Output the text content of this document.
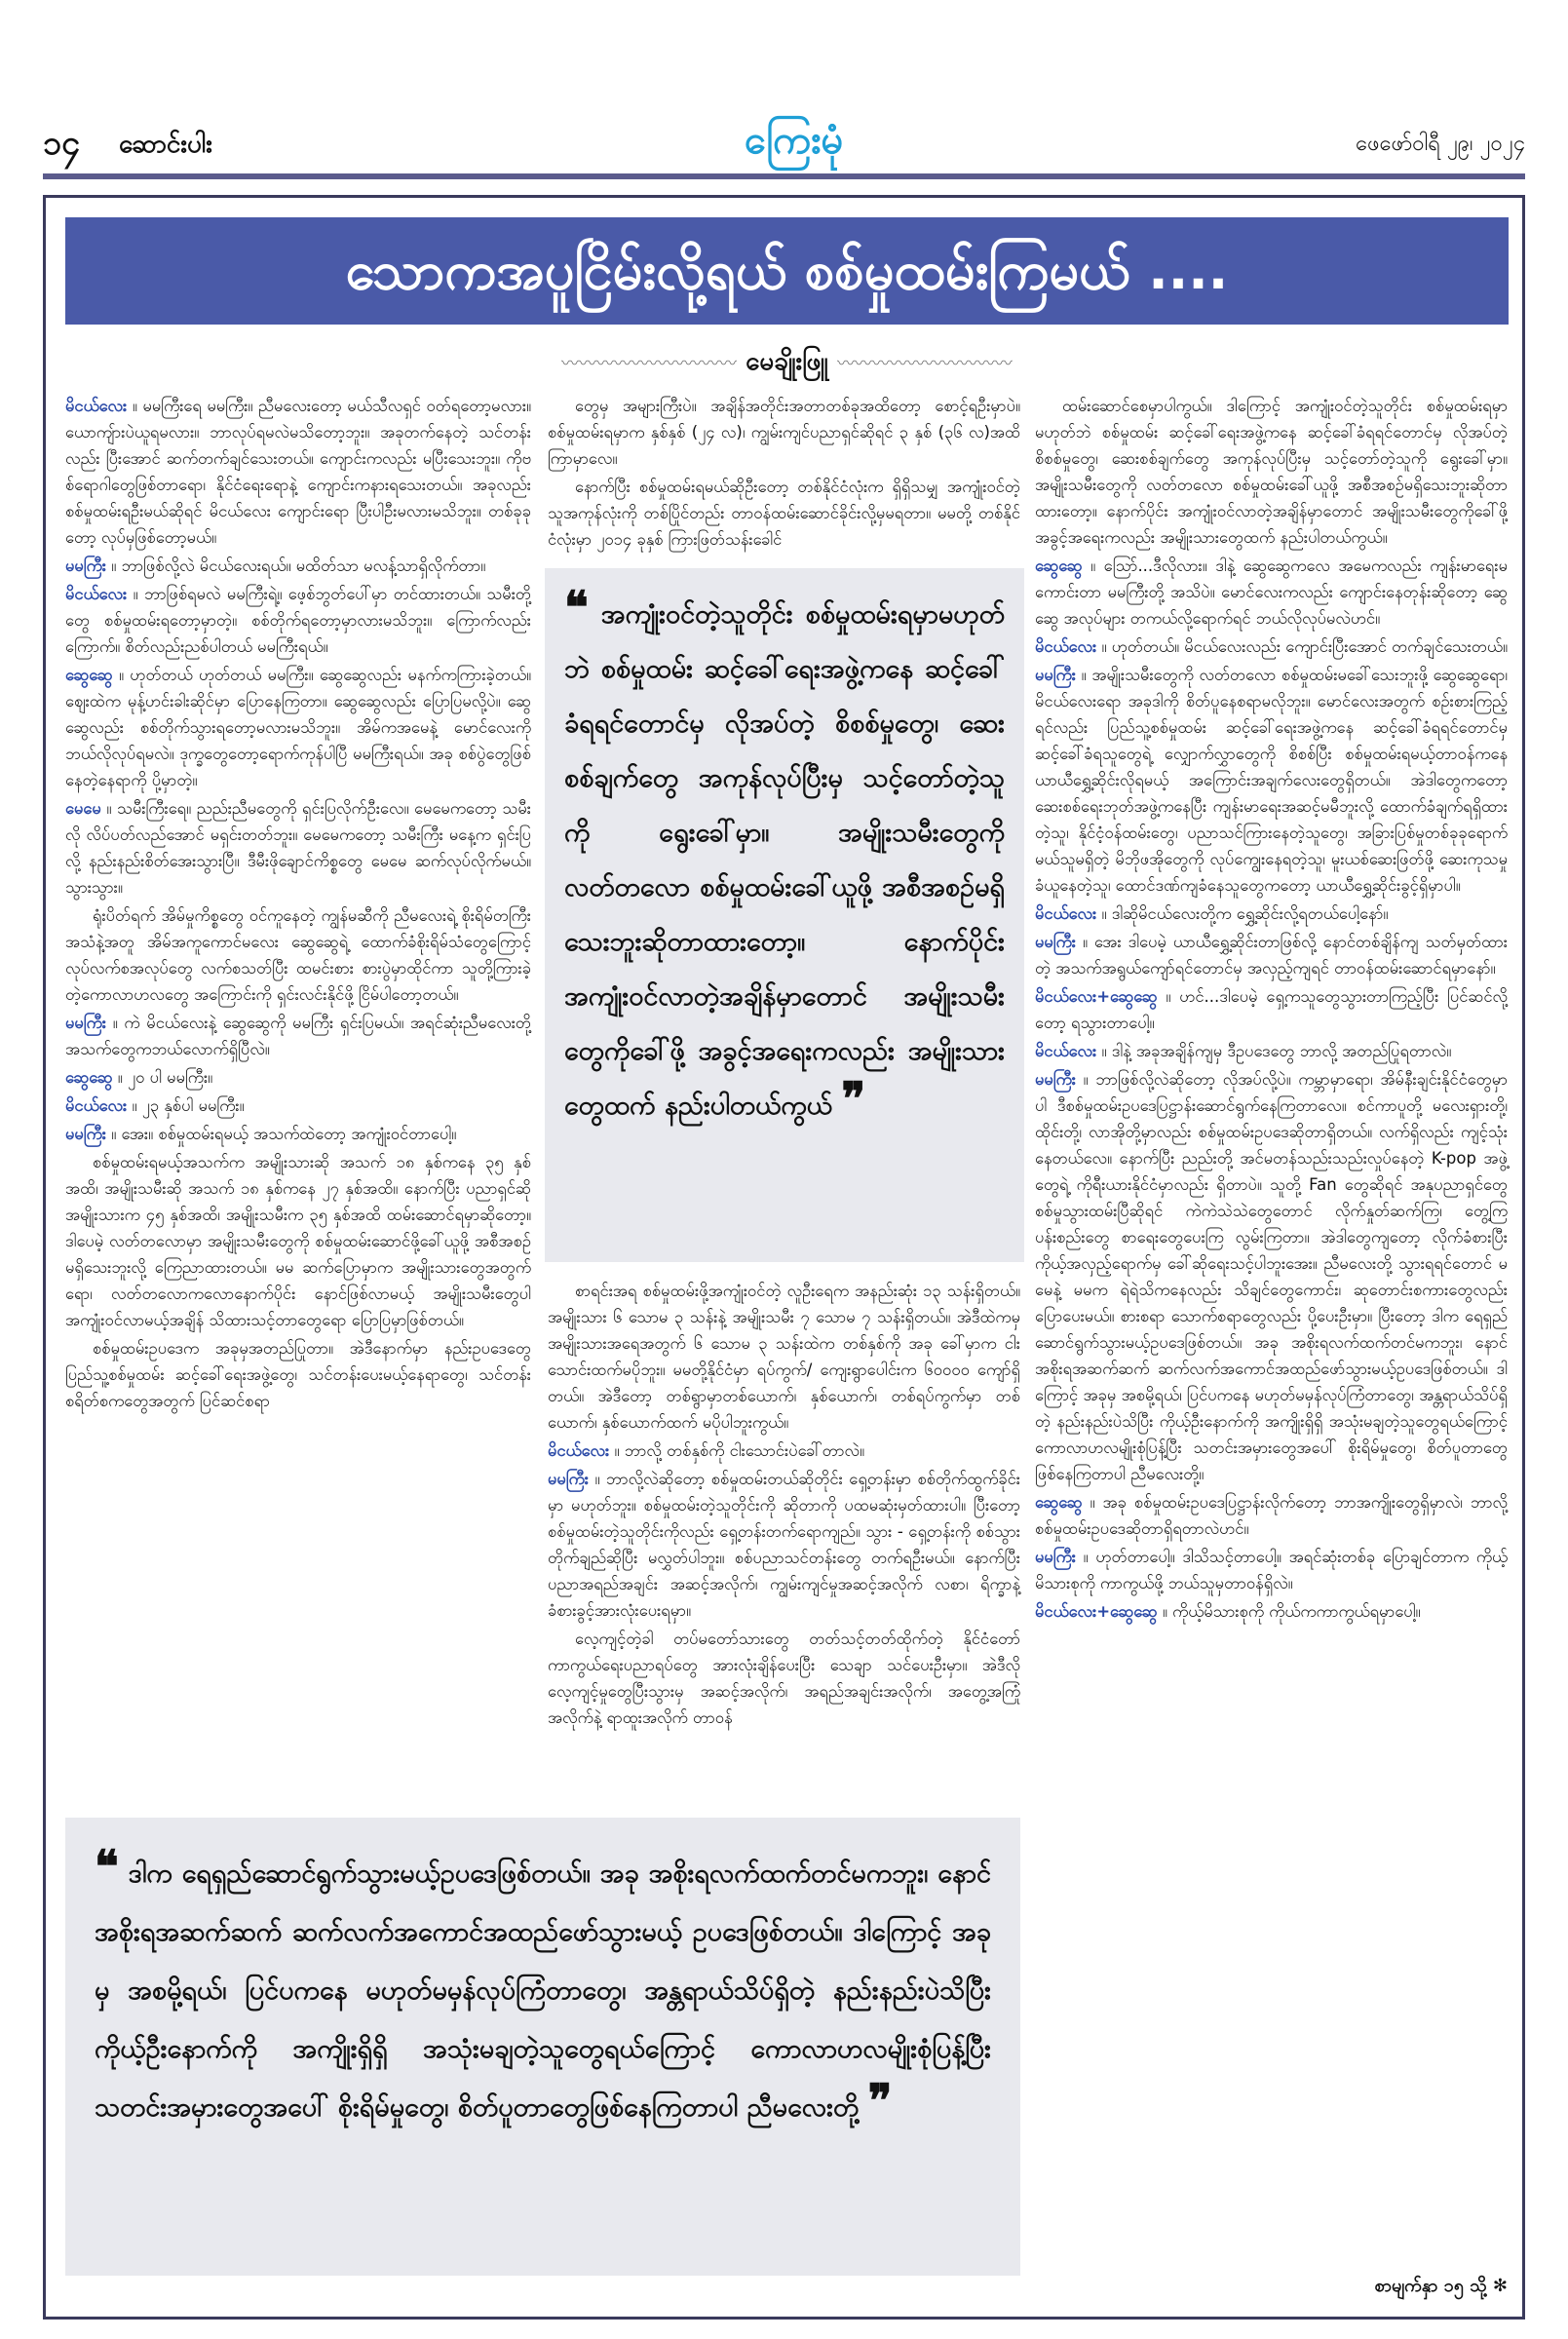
၁၄ ဆောင်းပါး	ကြေးမုံ	ဖေဖော်ဝါရီ ၂၉၊ ၂၀၂၄
သောကအပူငြိမ်းလို့ရယ် စစ်မှုထမ်းကြမယ် ....
〰〰〰〰〰〰〰〰〰〰 မေချိုးဖြူ 〰〰〰〰〰〰〰〰〰〰

မိငယ်လေး ။ မမကြီးရေ မမကြီး။ ညီမလေးတော့ မယ်သီလရှင် ဝတ်ရတော့မလား။ ယောကျ်ားပဲယူရမလား။ ဘာလုပ်ရမလဲမသိတော့ဘူး။ အခုတက်နေတဲ့ သင်တန်းလည်း ပြီးအောင် ဆက်တက်ချင်သေးတယ်။ ကျောင်းကလည်း မပြီးသေးဘူး။ ကိုဗစ်ရောဂါတွေဖြစ်တာရော၊ နိုင်ငံရေးရောနဲ့ ကျောင်းကနားရသေးတယ်။ အခုလည်း စစ်မှုထမ်းရဦးမယ်ဆိုရင် မိငယ်လေး ကျောင်းရော ပြီးပါဦးမလားမသိဘူး။ တစ်ခုခုတော့ လုပ်မှဖြစ်တော့မယ်။

မမကြီး ။ ဘာဖြစ်လို့လဲ မိငယ်လေးရယ်။ မထိတ်သာ မလန့်သာရှိလိုက်တာ။

မိငယ်လေး ။ ဘာဖြစ်ရမလဲ မမကြီးရဲ့။ ဖေ့စ်ဘွတ်ပေါ်မှာ တင်ထားတယ်။ သမီးတို့တွေ စစ်မှုထမ်းရတော့မှာတဲ့။ စစ်တိုက်ရတော့မှာလားမသိဘူး။ ကြောက်လည်းကြောက်။ စိတ်လည်းညစ်ပါတယ် မမကြီးရယ်။

ဆွေဆွေ ။ ဟုတ်တယ် ဟုတ်တယ် မမကြီး။ ဆွေဆွေလည်း မနက်ကကြားခဲ့တယ်။ ဈေးထဲက မုန့်ဟင်းခါးဆိုင်မှာ ပြောနေကြတာ။ ဆွေဆွေလည်း ပြောပြမလို့ပဲ။ ဆွေဆွေလည်း စစ်တိုက်သွားရတော့မလားမသိဘူး။ အိမ်ကအမေနဲ့ မောင်လေးကို ဘယ်လိုလုပ်ရမလဲ။ ဒုက္ခတွေတော့ရောက်ကုန်ပါပြီ မမကြီးရယ်။ အခု စစ်ပွဲတွေဖြစ်နေတဲ့နေရာကို ပို့မှာတဲ့။

မေမေ ။ သမီးကြီးရေ။ ညည်းညီမတွေကို ရှင်းပြလိုက်ဦးလေ။ မေမေကတော့ သမီးလို လိပ်ပတ်လည်အောင် မရှင်းတတ်ဘူး။ မေမေကတော့ သမီးကြီး မနေ့က ရှင်းပြလို့ နည်းနည်းစိတ်အေးသွားပြီ။ ဒီမီးဖိုချောင်ကိစ္စတွေ မေမေ ဆက်လုပ်လိုက်မယ်။ သွားသွား။

ရုံးပိတ်ရက် အိမ်မှုကိစ္စတွေ ဝင်ကူနေတဲ့ ကျွန်မဆီကို ညီမလေးရဲ့ စိုးရိမ်တကြီးအသံနဲ့အတူ အိမ်အကူကောင်မလေး ဆွေဆွေရဲ့ ထောက်ခံစိုးရိမ်သံတွေကြောင့် လုပ်လက်စအလုပ်တွေ လက်စသတ်ပြီး ထမင်းစား စားပွဲမှာထိုင်ကာ သူတို့ကြားခဲ့တဲ့ကောလာဟလတွေ အကြောင်းကို ရှင်းလင်းနိုင်ဖို့ ငြိမ်ပါတော့တယ်။

မမကြီး ။ ကဲ မိငယ်လေးနဲ့ ဆွေဆွေကို မမကြီး ရှင်းပြမယ်။ အရင်ဆုံးညီမလေးတို့အသက်တွေကဘယ်လောက်ရှိပြီလဲ။

ဆွေဆွေ ။ ၂၀ ပါ မမကြီး။

မိငယ်လေး ။ ၂၃ နှစ်ပါ မမကြီး။

မမကြီး ။ အေး။ စစ်မှုထမ်းရမယ့် အသက်ထဲတော့ အကျုံးဝင်တာပေါ့။

စစ်မှုထမ်းရမယ့်အသက်က အမျိုးသားဆို အသက် ၁၈ နှစ်ကနေ ၃၅ နှစ်အထိ၊ အမျိုးသမီးဆို အသက် ၁၈ နှစ်ကနေ ၂၇ နှစ်အထိ။ နောက်ပြီး ပညာရှင်ဆို အမျိုးသားက ၄၅ နှစ်အထိ၊ အမျိုးသမီးက ၃၅ နှစ်အထိ ထမ်းဆောင်ရမှာဆိုတော့။ ဒါပေမဲ့ လတ်တလောမှာ အမျိုးသမီးတွေကို စစ်မှုထမ်းဆောင်ဖို့ခေါ်ယူဖို့ အစီအစဉ်မရှိသေးဘူးလို့ ကြေညာထားတယ်။ မမ ဆက်ပြောမှာက အမျိုးသားတွေအတွက်ရော၊ လတ်တလောကလောနောက်ပိုင်း နောင်ဖြစ်လာမယ့် အမျိုးသမီးတွေပါ အကျုံးဝင်လာမယ့်အချိန် သိထားသင့်တာတွေရော ပြောပြမှာဖြစ်တယ်။

စစ်မှုထမ်းဥပဒေက အခုမှအတည်ပြုတာ။ အဲဒီနောက်မှာ နည်းဥပဒေတွေ ပြည်သူ့စစ်မှုထမ်း ဆင့်ခေါ်ရေးအဖွဲ့တွေ၊ သင်တန်းပေးမယ့်နေရာတွေ၊ သင်တန်းစရိတ်စကတွေအတွက် ပြင်ဆင်စရာ

တွေမှ အများကြီးပဲ။ အချိန်အတိုင်းအတာတစ်ခုအထိတော့ စောင့်ရဦးမှာပဲ။ စစ်မှုထမ်းရမှာက နှစ်နှစ် (၂၄ လ)၊ ကျွမ်းကျင်ပညာရှင်ဆိုရင် ၃ နှစ် (၃၆ လ)အထိ ကြာမှာလေ။

နောက်ပြီး စစ်မှုထမ်းရမယ်ဆိုဦးတော့ တစ်နိုင်ငံလုံးက ရှိရှိသမျှ အကျုံးဝင်တဲ့သူအကုန်လုံးကို တစ်ပြိုင်တည်း တာဝန်ထမ်းဆောင်ခိုင်းလို့မှမရတာ။ မမတို့ တစ်နိုင်ငံလုံးမှာ ၂၀၁၄ ခုနှစ် ကြားဖြတ်သန်းခေါင်

❝ အကျုံးဝင်တဲ့သူတိုင်း စစ်မှုထမ်းရမှာမဟုတ်ဘဲ စစ်မှုထမ်း ဆင့်ခေါ်ရေးအဖွဲ့ကနေ ဆင့်ခေါ်ခံရရင်တောင်မှ လိုအပ်တဲ့ စိစစ်မှုတွေ၊ ဆေးစစ်ချက်တွေ အကုန်လုပ်ပြီးမှ သင့်တော်တဲ့သူကို ရွေးခေါ်မှာ။ အမျိုးသမီးတွေကို လတ်တလော စစ်မှုထမ်းခေါ်ယူဖို့ အစီအစဉ်မရှိသေးဘူးဆိုတာထားတော့။ နောက်ပိုင်း အကျုံးဝင်လာတဲ့အချိန်မှာတောင် အမျိုးသမီးတွေကိုခေါ်ဖို့ အခွင့်အရေးကလည်း အမျိုးသားတွေထက် နည်းပါတယ်ကွယ် ❞

စာရင်းအရ စစ်မှုထမ်းဖို့အကျုံးဝင်တဲ့ လူဦးရေက အနည်းဆုံး ၁၃ သန်းရှိတယ်။ အမျိုးသား ၆ သောမ ၃ သန်းနဲ့ အမျိုးသမီး ၇ သောမ ၇ သန်းရှိတယ်။ အဲဒီထဲကမှ အမျိုးသားအရေအတွက် ၆ သောမ ၃ သန်းထဲက တစ်နှစ်ကို အခု ခေါ်မှာက ငါးသောင်းထက်မပိုဘူး။ မမတို့နိုင်ငံမှာ ရပ်ကွက်/ ကျေးရွာပေါင်းက ၆၀၀၀၀ ကျော်ရှိတယ်။ အဲဒီတော့ တစ်ရွာမှာတစ်ယောက်၊ နှစ်ယောက်၊ တစ်ရပ်ကွက်မှာ တစ်ယောက်၊ နှစ်ယောက်ထက် မပိုပါဘူးကွယ်။

မိငယ်လေး ။ ဘာလို့ တစ်နှစ်ကို ငါးသောင်းပဲခေါ်တာလဲ။

မမကြီး ။ ဘာလို့လဲဆိုတော့ စစ်မှုထမ်းတယ်ဆိုတိုင်း ရှေ့တန်းမှာ စစ်တိုက်ထွက်ခိုင်းမှာ မဟုတ်ဘူး။ စစ်မှုထမ်းတဲ့သူတိုင်းကို ဆိုတာကို ပထမဆုံးမှတ်ထားပါ။ ပြီးတော့ စစ်မှုထမ်းတဲ့သူတိုင်းကိုလည်း ရှေ့တန်းတက်ရောကျည်။ သွား - ရှေ့တန်းကို စစ်သွားတိုက်ချည်ဆိုပြီး မလွှတ်ပါဘူး။ စစ်ပညာသင်တန်းတွေ တက်ရဦးမယ်။ နောက်ပြီး ပညာအရည်အချင်း အဆင့်အလိုက်၊ ကျွမ်းကျင်မှုအဆင့်အလိုက် လစာ၊ ရိက္ခာနဲ့ ခံစားခွင့်အားလုံးပေးရမှာ။

လေ့ကျင့်တဲ့ခါ တပ်မတော်သားတွေ တတ်သင့်တတ်ထိုက်တဲ့ နိုင်ငံတော်ကာကွယ်ရေးပညာရပ်တွေ အားလုံးချိန်ပေးပြီး သေချာ သင်ပေးဦးမှာ။ အဲဒီလို လေ့ကျင့်မှုတွေပြီးသွားမှ အဆင့်အလိုက်၊ အရည်အချင်းအလိုက်၊ အတွေ့အကြုံအလိုက်နဲ့ ရာထူးအလိုက် တာဝန်

ထမ်းဆောင်စေမှာပါကွယ်။ ဒါကြောင့် အကျုံးဝင်တဲ့သူတိုင်း စစ်မှုထမ်းရမှာမဟုတ်ဘဲ စစ်မှုထမ်း ဆင့်ခေါ်ရေးအဖွဲ့ကနေ ဆင့်ခေါ်ခံရရင်တောင်မှ လိုအပ်တဲ့ စိစစ်မှုတွေ၊ ဆေးစစ်ချက်တွေ အကုန်လုပ်ပြီးမှ သင့်တော်တဲ့သူကို ရွေးခေါ်မှာ။ အမျိုးသမီးတွေကို လတ်တလော စစ်မှုထမ်းခေါ်ယူဖို့ အစီအစဉ်မရှိသေးဘူးဆိုတာထားတော့။ နောက်ပိုင်း အကျုံးဝင်လာတဲ့အချိန်မှာတောင် အမျိုးသမီးတွေကိုခေါ်ဖို့ အခွင့်အရေးကလည်း အမျိုးသားတွေထက် နည်းပါတယ်ကွယ်။

ဆွေဆွေ ။ ဩော်...ဒီလိုလား။ ဒါနဲ့ ဆွေဆွေကလေ အမေကလည်း ကျန်းမာရေးမကောင်းတာ မမကြီးတို့ အသိပဲ။ မောင်လေးကလည်း ကျောင်းနေတုန်းဆိုတော့ ဆွေဆွေ အလုပ်များ တကယ်လို့ရောက်ရင် ဘယ်လိုလုပ်မလဲဟင်။

မိငယ်လေး ။ ဟုတ်တယ်။ မိငယ်လေးလည်း ကျောင်းပြီးအောင် တက်ချင်သေးတယ်။

မမကြီး ။ အမျိုးသမီးတွေကို လတ်တလော စစ်မှုထမ်းမခေါ်သေးဘူးဖို့ ဆွေဆွေရော၊ မိငယ်လေးရော အခုဒါကို စိတ်ပူနေစရာမလိုဘူး။ မောင်လေးအတွက် စဉ်းစားကြည့်ရင်လည်း ပြည်သူ့စစ်မှုထမ်း ဆင့်ခေါ်ရေးအဖွဲ့ကနေ ဆင့်ခေါ်ခံရရင်တောင်မှ ဆင့်ခေါ်ခံရသူတွေရဲ့ လျှောက်လွှာတွေကို စိစစ်ပြီး စစ်မှုထမ်းရမယ့်တာဝန်ကနေ ယာယီရွှေ့ဆိုင်းလိုရမယ့် အကြောင်းအချက်လေးတွေရှိတယ်။ အဲဒါတွေကတော့ ဆေးစစ်ရေးဘုတ်အဖွဲ့ကနေပြီး ကျန်းမာရေးအဆင့်မမီဘူးလို့ ထောက်ခံချက်ရရှိထားတဲ့သူ၊ နိုင်ငံ့ဝန်ထမ်းတွေ၊ ပညာသင်ကြားနေတဲ့သူတွေ၊ အခြားပြစ်မှုတစ်ခုခုရောက်မယ်သူမရှိတဲ့ မိဘိုဖအိုတွေကို လုပ်ကျွေးနေရတဲ့သူ၊ မူးယစ်ဆေးဖြတ်ဖို့ ဆေးကုသမှုခံယူနေတဲ့သူ၊ ထောင်ဒဏ်ကျခံနေသူတွေကတော့ ယာယီရွှေ့ဆိုင်းခွင့်ရှိမှာပါ။

မိငယ်လေး ။ ဒါဆိုမိငယ်လေးတို့က ရွှေ့ဆိုင်းလို့ရတယ်ပေါ့နော်။

မမကြီး ။ အေး ဒါပေမဲ့ ယာယီရွှေ့ဆိုင်းတာဖြစ်လို့ နောင်တစ်ချိန်ကျ သတ်မှတ်ထားတဲ့ အသက်အရွယ်ကျော်ရင်တောင်မှ အလှည့်ကျရင် တာဝန်ထမ်းဆောင်ရမှာနော်။

မိငယ်လေး+ဆွေဆွေ ။ ဟင်...ဒါပေမဲ့ ရှေ့ကသူတွေသွားတာကြည့်ပြီး ပြင်ဆင်လို့တော့ ရသွားတာပေါ့။

မိငယ်လေး ။ ဒါနဲ့ အခုအချိန်ကျမှ ဒီဥပဒေတွေ ဘာလို့ အတည်ပြုရတာလဲ။

မမကြီး ။ ဘာဖြစ်လို့လဲဆိုတော့ လိုအပ်လို့ပဲ။ ကမ္ဘာမှာရော၊ အိမ်နီးချင်းနိုင်ငံတွေမှာပါ ဒီစစ်မှုထမ်းဥပဒေပြဋ္ဌာန်းဆောင်ရွက်နေကြတာလေ။ စင်ကာပူတို့ မလေးရှားတို့၊ ထိုင်းတို့၊ လာအိုတို့မှာလည်း စစ်မှုထမ်းဥပဒေဆိုတာရှိတယ်။ လက်ရှိလည်း ကျင့်သုံးနေတယ်လေ။ နောက်ပြီး ညည်းတို့ အင်မတန်သည်းသည်းလှုပ်နေတဲ့ K-pop အဖွဲ့တွေရဲ့ ကိုရီးယားနိုင်ငံမှာလည်း ရှိတာပဲ။ သူတို့ Fan တွေဆိုရင် အနုပညာရှင်တွေ စစ်မှုသွားထမ်းပြီဆိုရင် ကဲကဲသဲသဲတွေတောင် လိုက်နှုတ်ဆက်ကြ၊ တွေ့ကြ ပန်းစည်းတွေ စာရေးတွေပေးကြ လွမ်းကြတာ။ အဲဒါတွေကျတော့ လိုက်ခံစားပြီး ကိုယ့်အလှည့်ရောက်မှ ခေါ်ဆိုရေးသင့်ပါဘူးအေး။ ညီမလေးတို့ သွားရရင်တောင် မမေနဲ့ မမက ရဲရဲသိကနေလည်း သိချင်တွေကောင်း၊ ဆုတောင်းစကားတွေလည်း ပြောပေးမယ်။ စားစရာ သောက်စရာတွေလည်း ပို့ပေးဦးမှာ။ ပြီးတော့ ဒါက ရေရှည်ဆောင်ရွက်သွားမယ့်ဥပဒေဖြစ်တယ်။ အခု အစိုးရလက်ထက်တင်မကဘူး၊ နောင်အစိုးရအဆက်ဆက် ဆက်လက်အကောင်အထည်ဖော်သွားမယ့်ဥပဒေဖြစ်တယ်။ ဒါကြောင့် အခုမှ အစမို့ရယ်၊ ပြင်ပကနေ မဟုတ်မမှန်လုပ်ကြံတာတွေ၊ အန္တရာယ်သိပ်ရှိတဲ့ နည်းနည်းပဲသိပြီး ကိုယ့်ဦးနောက်ကို အကျိုးရှိရှိ အသုံးမချတဲ့သူတွေရယ်ကြောင့် ကောလာဟလမျိုးစုံပြန့်ပြီး သတင်းအမှားတွေအပေါ် စိုးရိမ်မှုတွေ၊ စိတ်ပူတာတွေဖြစ်နေကြတာပါ ညီမလေးတို့။

ဆွေဆွေ ။ အခု စစ်မှုထမ်းဥပဒေပြဋ္ဌာန်းလိုက်တော့ ဘာအကျိုးတွေရှိမှာလဲ၊ ဘာလို့ စစ်မှုထမ်းဥပဒေဆိုတာရှိရတာလဲဟင်။

မမကြီး ။ ဟုတ်တာပေါ့။ ဒါသိသင့်တာပေါ့။ အရင်ဆုံးတစ်ခု ပြောချင်တာက ကိုယ့်မိသားစုကို ကာကွယ်ဖို့ ဘယ်သူမှတာဝန်ရှိလဲ။

မိငယ်လေး+ဆွေဆွေ ။ ကိုယ့်မိသားစုကို ကိုယ်ကကာကွယ်ရမှာပေါ့။

❝ ဒါက ရေရှည်ဆောင်ရွက်သွားမယ့်ဥပဒေဖြစ်တယ်။ အခု အစိုးရလက်ထက်တင်မကဘူး၊ နောင်အစိုးရအဆက်ဆက် ဆက်လက်အကောင်အထည်ဖော်သွားမယ့် ဥပဒေဖြစ်တယ်။ ဒါကြောင့် အခုမှ အစမို့ရယ်၊ ပြင်ပကနေ မဟုတ်မမှန်လုပ်ကြံတာတွေ၊ အန္တရာယ်သိပ်ရှိတဲ့ နည်းနည်းပဲသိပြီး ကိုယ့်ဦးနောက်ကို အကျိုးရှိရှိ အသုံးမချတဲ့သူတွေရယ်ကြောင့် ကောလာဟလမျိုးစုံပြန့်ပြီး သတင်းအမှားတွေအပေါ် စိုးရိမ်မှုတွေ၊ စိတ်ပူတာတွေဖြစ်နေကြတာပါ ညီမလေးတို့ ❞
စာမျက်နှာ ၁၅ သို့ ✻
